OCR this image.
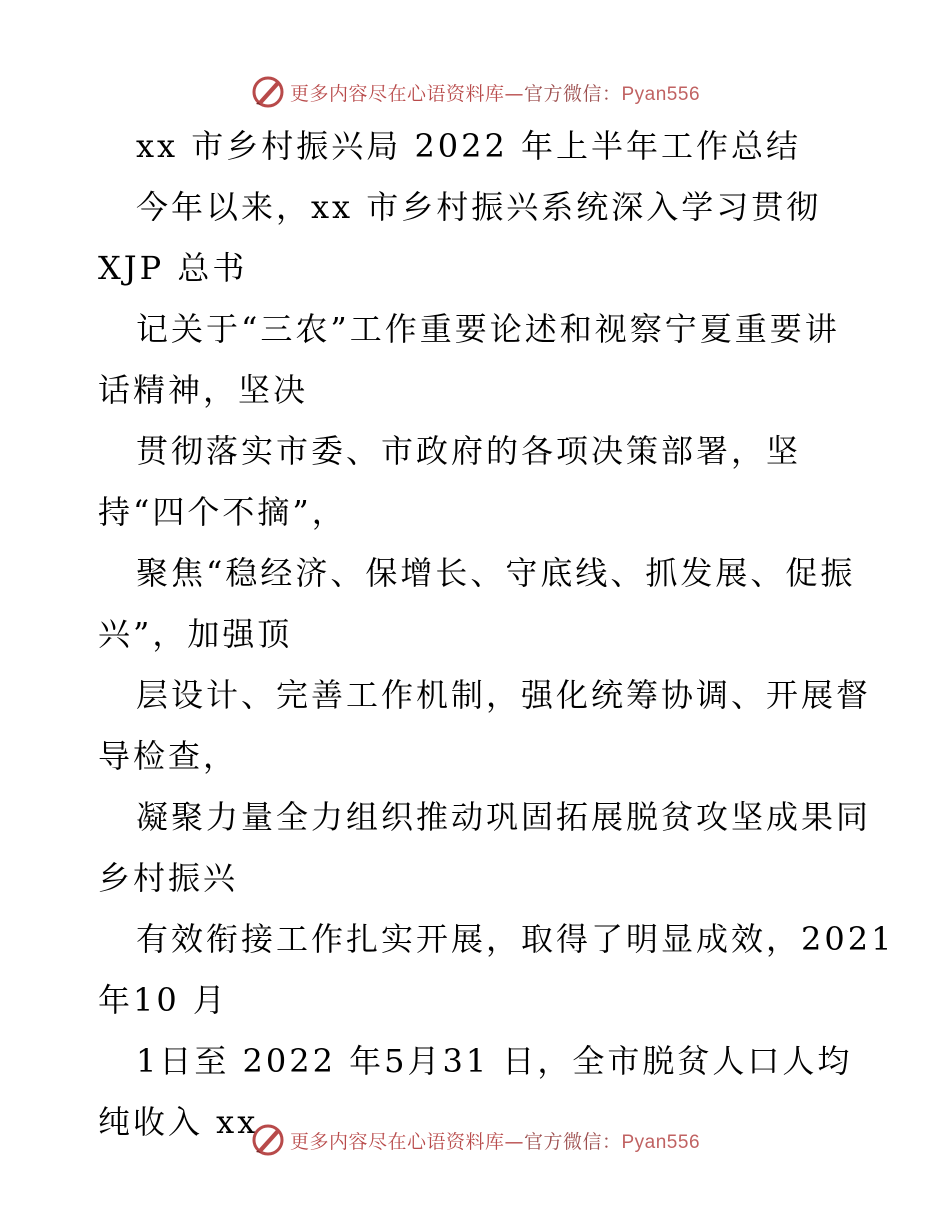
更多内容尽在心语资料库—官方微信：Pyan556
xx 市乡村振兴局 2022 年上半年工作总结
今年以来，xx 市乡村振兴系统深入学习贯彻
XJP 总书
记关于“三农”工作重要论述和视察宁夏重要讲
话精神，坚决
贯彻落实市委、市政府的各项决策部署，坚
持“四个不摘”，
聚焦“稳经济、保增长、守底线、抓发展、促振
兴”，加强顶
层设计、完善工作机制，强化统筹协调、开展督
导检查，
凝聚力量全力组织推动巩固拓展脱贫攻坚成果同
乡村振兴
有效衔接工作扎实开展，取得了明显成效，2021
年10 月
1日至 2022 年5月31 日，全市脱贫人口人均
纯收入 xx
更多内容尽在心语资料库—官方微信：Pyan556
